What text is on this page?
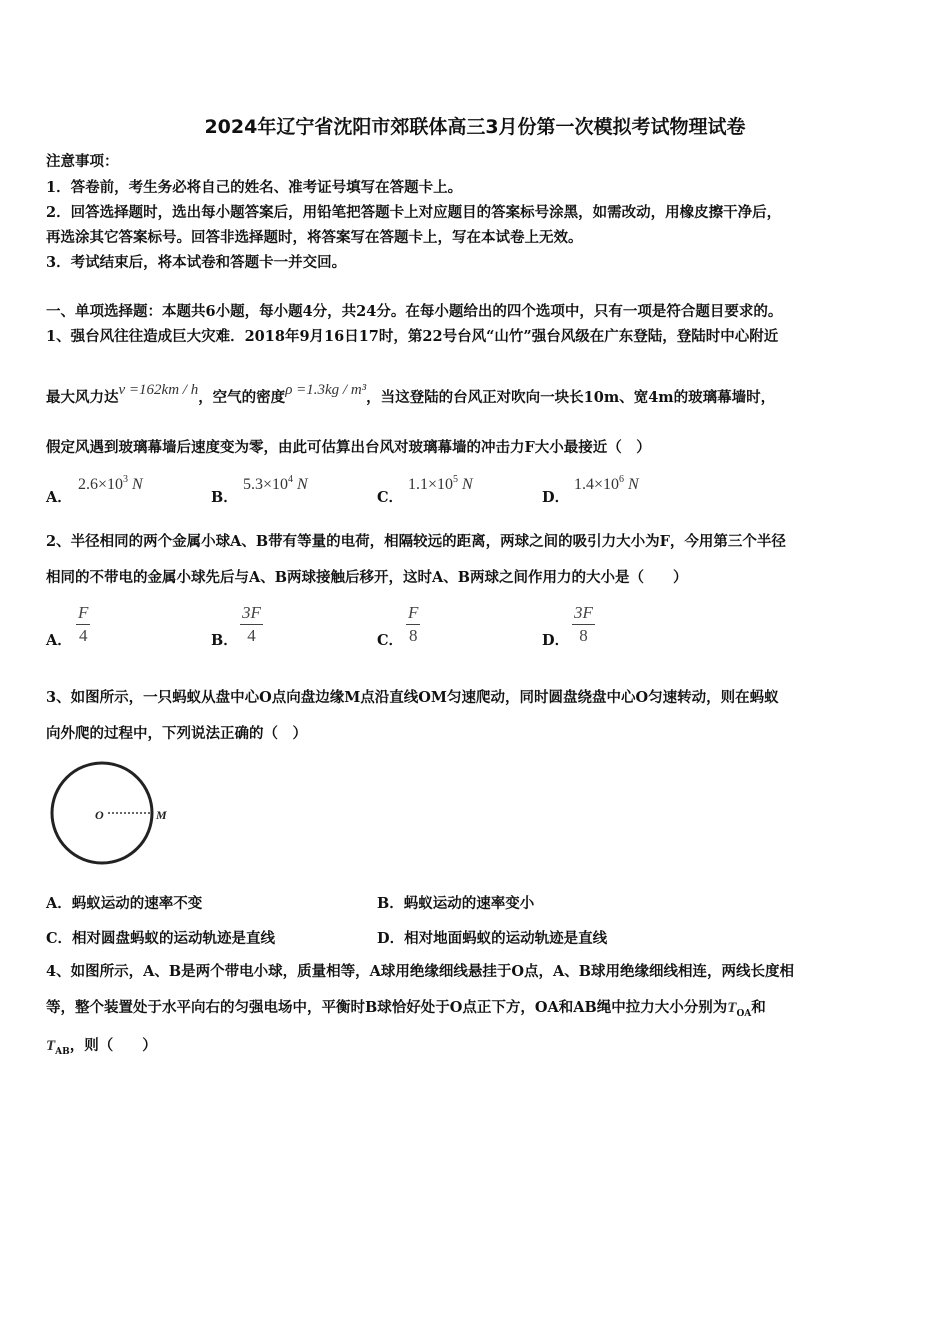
2024年辽宁省沈阳市郊联体高三3月份第一次模拟考试物理试卷
注意事项：
1．答卷前，考生务必将自己的姓名、准考证号填写在答题卡上。
2．回答选择题时，选出每小题答案后，用铅笔把答题卡上对应题目的答案标号涂黑，如需改动，用橡皮擦干净后，
再选涂其它答案标号。回答非选择题时，将答案写在答题卡上，写在本试卷上无效。
3．考试结束后，将本试卷和答题卡一并交回。
一、单项选择题：本题共6小题，每小题4分，共24分。在每小题给出的四个选项中，只有一项是符合题目要求的。
1、强台风往往造成巨大灾难．2018年9月16日17时，第22号台风“山竹”强台风级在广东登陆，登陆时中心附近
最大风力达v =162km / h，空气的密度ρ =1.3kg / m³，当这登陆的台风正对吹向一块长10m、宽4m的玻璃幕墙时，
假定风遇到玻璃幕墙后速度变为零，由此可估算出台风对玻璃幕墙的冲击力F大小最接近（　）
A．
$2.6\times 10^3$ N
B．
$5.3\times 10^4$ N
C．
$1.1\times 10^5$ N
D．
$1.4\times 10^6$ N
2、半径相同的两个金属小球A、B带有等量的电荷，相隔较远的距离，两球之间的吸引力大小为F，今用第三个半径
相同的不带电的金属小球先后与A、B两球接触后移开，这时A、B两球之间作用力的大小是（　　）
A．
F
4	B．
3F
4	C．
F
8	D．
3F
8
3、如图所示，一只蚂蚁从盘中心O点向盘边缘M点沿直线OM匀速爬动，同时圆盘绕盘中心O匀速转动，则在蚂蚁
向外爬的过程中，下列说法正确的（　）
O	M
A．蚂蚁运动的速率不变	B．蚂蚁运动的速率变小
C．相对圆盘蚂蚁的运动轨迹是直线	D．相对地面蚂蚁的运动轨迹是直线
4、如图所示，A、B是两个带电小球，质量相等，A球用绝缘细线悬挂于O点，A、B球用绝缘细线相连，两线长度相
等，整个装置处于水平向右的匀强电场中，平衡时B球恰好处于O点正下方，OA和AB绳中拉力大小分别为$T_{OA}$和
$T_{AB}$，则（　　）
